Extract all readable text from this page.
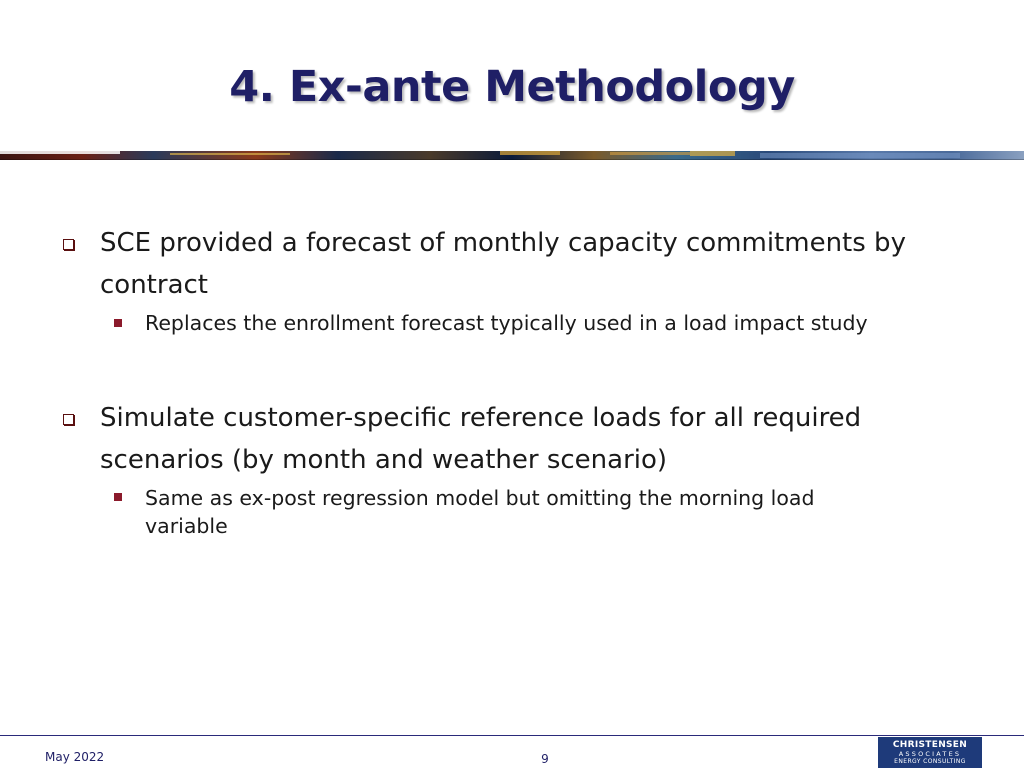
4. Ex-ante Methodology
SCE provided a forecast of monthly capacity commitments by
contract
Replaces the enrollment forecast typically used in a load impact study
Simulate customer-specific reference loads for all required
scenarios (by month and weather scenario)
Same as ex-post regression model but omitting the morning load
variable
May 2022	9
CHRISTENSEN
ASSOCIATES
ENERGY CONSULTING
